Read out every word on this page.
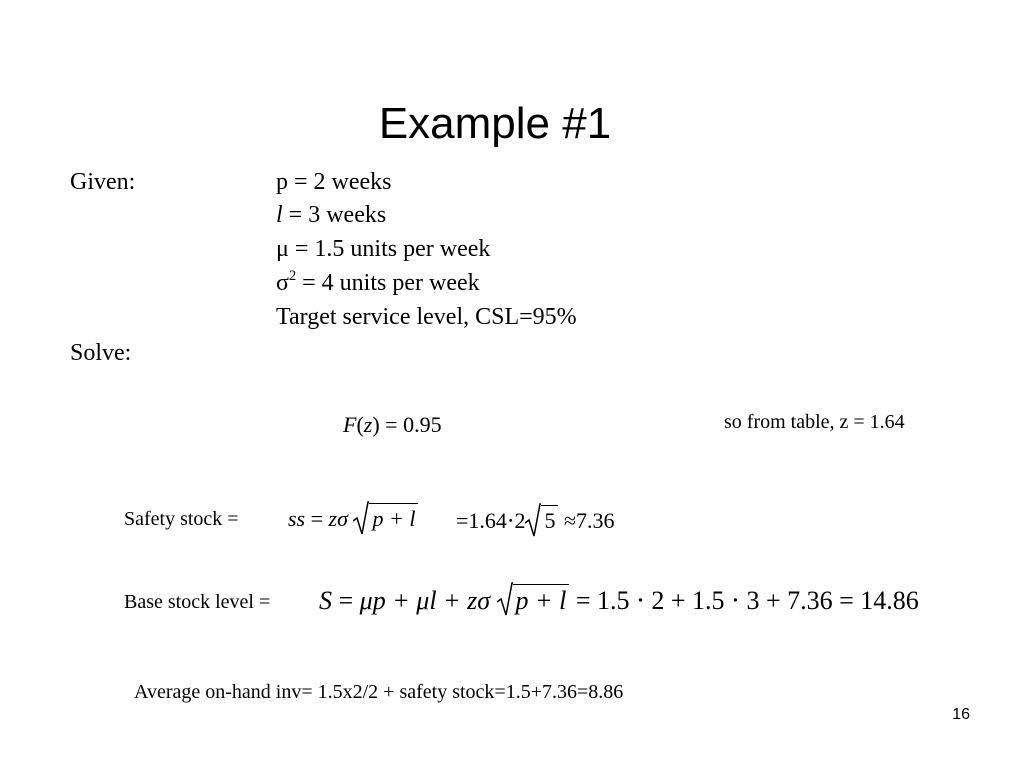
Example #1
Given:	p = 2 weeks
l = 3 weeks
μ = 1.5 units per week
$\sigma^2 = 4$ units per week
Target service level, CSL=95%
Solve:
F(z) = 0.95	so from table, z = 1.64
Safety stock = ss = zσ p + l =1.64⋅2 5 ≈7.36
Base stock level = S = μp + μl + zσ p + l = 1.5 ⋅ 2 + 1.5 ⋅ 3 + 7.36 = 14.86
Average on-hand inv= 1.5x2/2 + safety stock=1.5+7.36=8.86
16
